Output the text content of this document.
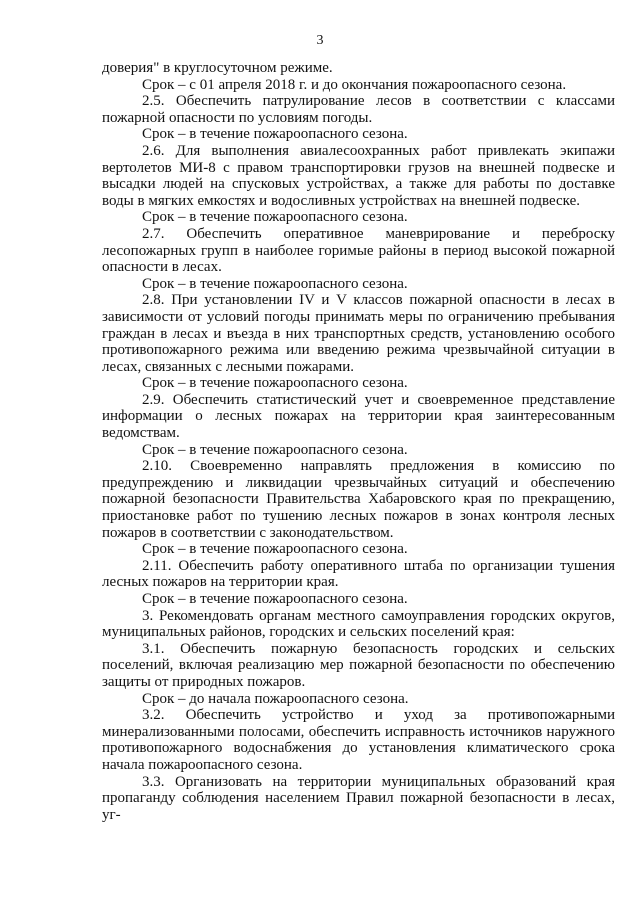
3

доверия" в круглосуточном режиме.

Срок – с 01 апреля 2018 г. и до окончания пожароопасного сезона.

2.5. Обеспечить патрулирование лесов в соответствии с классами пожарной опасности по условиям погоды.

Срок – в течение пожароопасного сезона.

2.6. Для выполнения авиалесоохранных работ привлекать экипажи вертолетов МИ-8 с правом транспортировки грузов на внешней подвеске и высадки людей на спусковых устройствах, а также для работы по доставке воды в мягких емкостях и водосливных устройствах на внешней подвеске.

Срок – в течение пожароопасного сезона.

2.7. Обеспечить оперативное маневрирование и переброску лесопожарных групп в наиболее горимые районы в период высокой пожарной опасности в лесах.

Срок – в течение пожароопасного сезона.

2.8. При установлении IV и V классов пожарной опасности в лесах в зависимости от условий погоды принимать меры по ограничению пребывания граждан в лесах и въезда в них транспортных средств, установлению особого противопожарного режима или введению режима чрезвычайной ситуации в лесах, связанных с лесными пожарами.

Срок – в течение пожароопасного сезона.

2.9. Обеспечить статистический учет и своевременное представление информации о лесных пожарах на территории края заинтересованным ведомствам.

Срок – в течение пожароопасного сезона.

2.10. Своевременно направлять предложения в комиссию по предупреждению и ликвидации чрезвычайных ситуаций и обеспечению пожарной безопасности Правительства Хабаровского края по прекращению, приостановке работ по тушению лесных пожаров в зонах контроля лесных пожаров в соответствии с законодательством.

Срок – в течение пожароопасного сезона.

2.11. Обеспечить работу оперативного штаба по организации тушения лесных пожаров на территории края.

Срок – в течение пожароопасного сезона.

3. Рекомендовать органам местного самоуправления городских округов, муниципальных районов, городских и сельских поселений края:

3.1. Обеспечить пожарную безопасность городских и сельских поселений, включая реализацию мер пожарной безопасности по обеспечению защиты от природных пожаров.

Срок – до начала пожароопасного сезона.

3.2. Обеспечить устройство и уход за противопожарными минерализованными полосами, обеспечить исправность источников наружного противопожарного водоснабжения до установления климатического срока начала пожароопасного сезона.

3.3. Организовать на территории муниципальных образований края пропаганду соблюдения населением Правил пожарной безопасности в лесах, уг-
